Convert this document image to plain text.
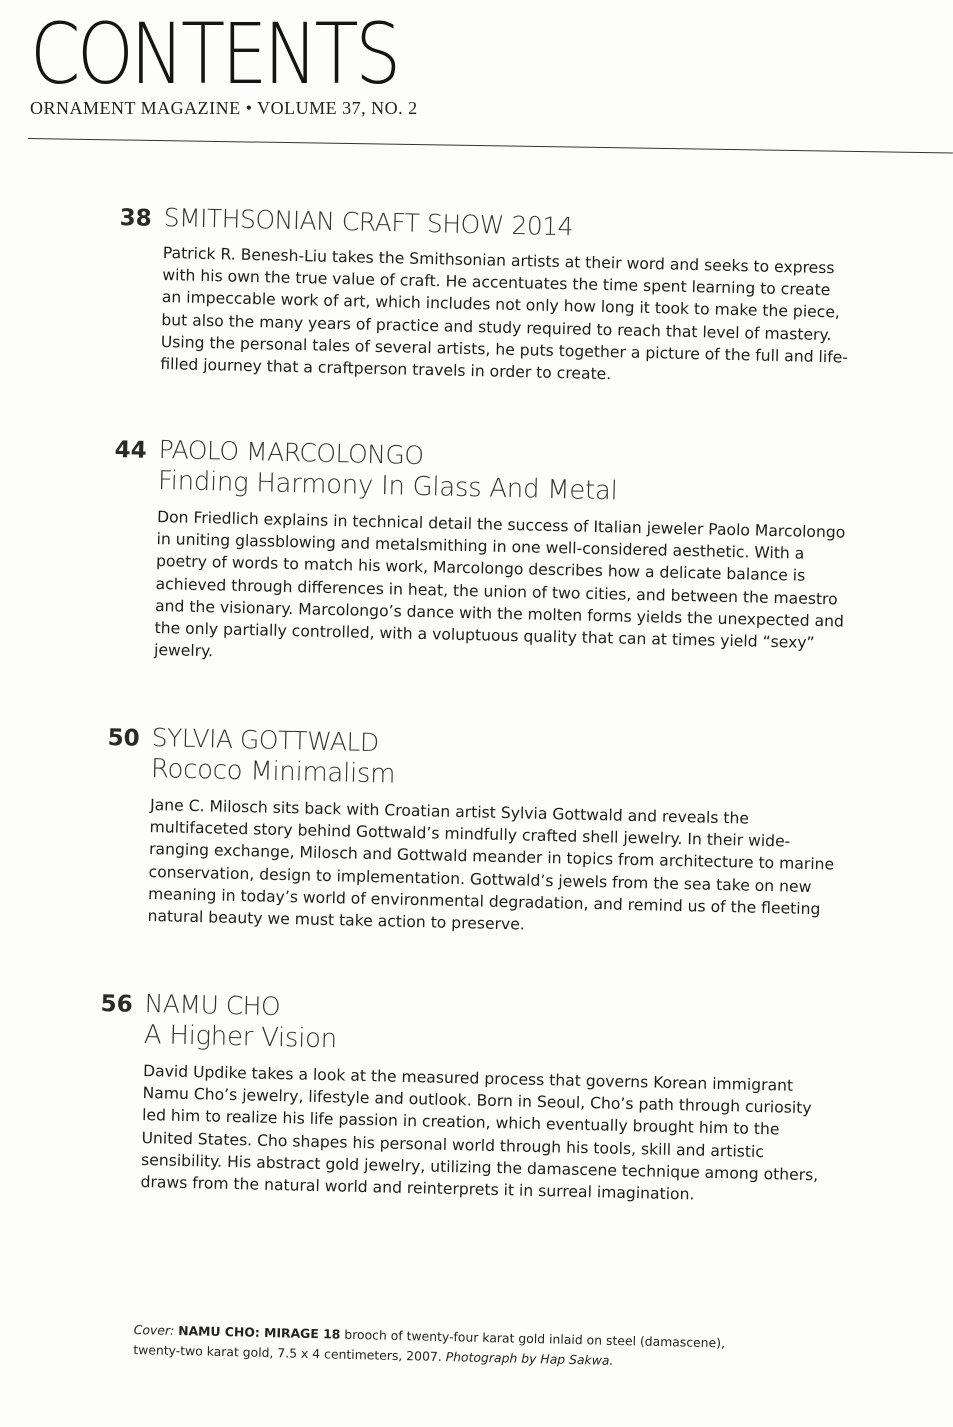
CONTENTS

ORNAMENT MAGAZINE • VOLUME 37, NO. 2

38 SMITHSONIAN CRAFT SHOW 2014
Patrick R. Benesh-Liu takes the Smithsonian artists at their word and seeks to express with his own the true value of craft. He accentuates the time spent learning to create an impeccable work of art, which includes not only how long it took to make the piece, but also the many years of practice and study required to reach that level of mastery. Using the personal tales of several artists, he puts together a picture of the full and life-filled journey that a craftperson travels in order to create.
44 PAOLO MARCOLONGO
Finding Harmony In Glass And Metal
Don Friedlich explains in technical detail the success of Italian jeweler Paolo Marcolongo in uniting glassblowing and metalsmithing in one well-considered aesthetic. With a poetry of words to match his work, Marcolongo describes how a delicate balance is achieved through differences in heat, the union of two cities, and between the maestro and the visionary. Marcolongo’s dance with the molten forms yields the unexpected and the only partially controlled, with a voluptuous quality that can at times yield “sexy” jewelry.
50 SYLVIA GOTTWALD
Rococo Minimalism
Jane C. Milosch sits back with Croatian artist Sylvia Gottwald and reveals the multifaceted story behind Gottwald’s mindfully crafted shell jewelry. In their wide-ranging exchange, Milosch and Gottwald meander in topics from architecture to marine conservation, design to implementation. Gottwald’s jewels from the sea take on new meaning in today’s world of environmental degradation, and remind us of the fleeting natural beauty we must take action to preserve.
56 NAMU CHO
A Higher Vision
David Updike takes a look at the measured process that governs Korean immigrant Namu Cho’s jewelry, lifestyle and outlook. Born in Seoul, Cho’s path through curiosity led him to realize his life passion in creation, which eventually brought him to the United States. Cho shapes his personal world through his tools, skill and artistic sensibility. His abstract gold jewelry, utilizing the damascene technique among others, draws from the natural world and reinterprets it in surreal imagination.
Cover: NAMU CHO: MIRAGE 18 brooch of twenty-four karat gold inlaid on steel (damascene), twenty-two karat gold, 7.5 x 4 centimeters, 2007. Photograph by Hap Sakwa.
